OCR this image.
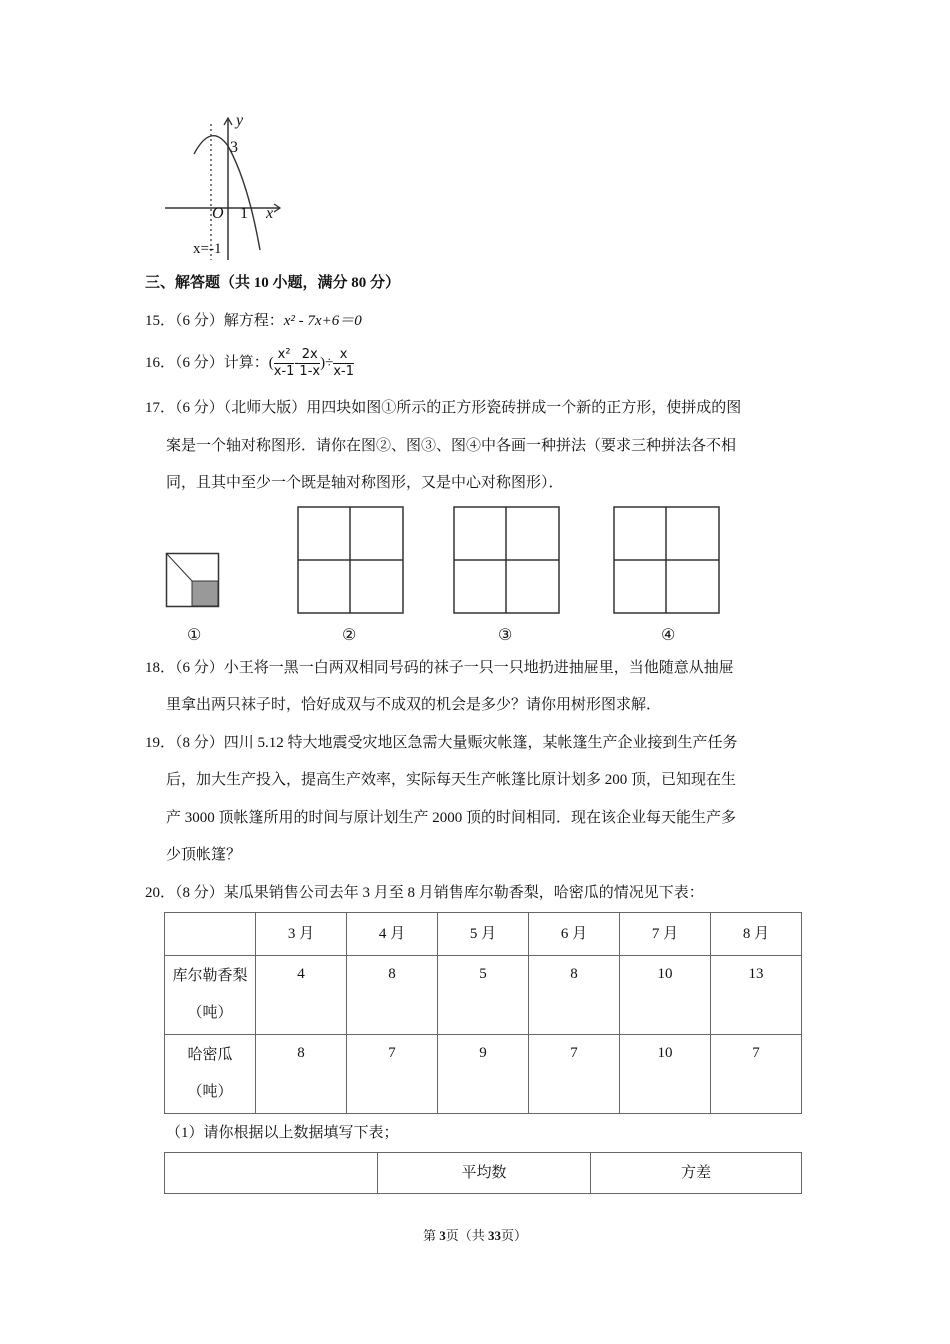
y
3
O 1 x
x=-1
三、解答题（共 10 小题，满分 80 分）
15．（6 分）解方程：x² - 7x+6＝0
16．（6 分）计算：( $\frac{\text{x²}}{x-1} - \frac{2x}{1-x}$ )÷ $\frac{x}{x-1}$
17．（6 分）（北师大版）用四块如图①所示的正方形瓷砖拼成一个新的正方形，使拼成的图
案是一个轴对称图形．请你在图②、图③、图④中各画一种拼法（要求三种拼法各不相
同，且其中至少一个既是轴对称图形，又是中心对称图形）．
①	②	③	④
18．（6 分）小王将一黑一白两双相同号码的袜子一只一只地扔进抽屉里，当他随意从抽屉
里拿出两只袜子时，恰好成双与不成双的机会是多少？请你用树形图求解．
19．（8 分）四川 5.12 特大地震受灾地区急需大量赈灾帐篷，某帐篷生产企业接到生产任务
后，加大生产投入，提高生产效率，实际每天生产帐篷比原计划多 200 顶，已知现在生
产 3000 顶帐篷所用的时间与原计划生产 2000 顶的时间相同．现在该企业每天能生产多
少顶帐篷？
20．（8 分）某瓜果销售公司去年 3 月至 8 月销售库尔勒香梨，哈密瓜的情况见下表：
	3 月	4 月	5 月	6 月	7 月	8 月

库尔勒香梨
（吨）	4	8	5	8	10	13

哈密瓜
（吨）	8	7	9	7	10	7
（1）请你根据以上数据填写下表；
	平均数	方差
第 3页（共 33页）
